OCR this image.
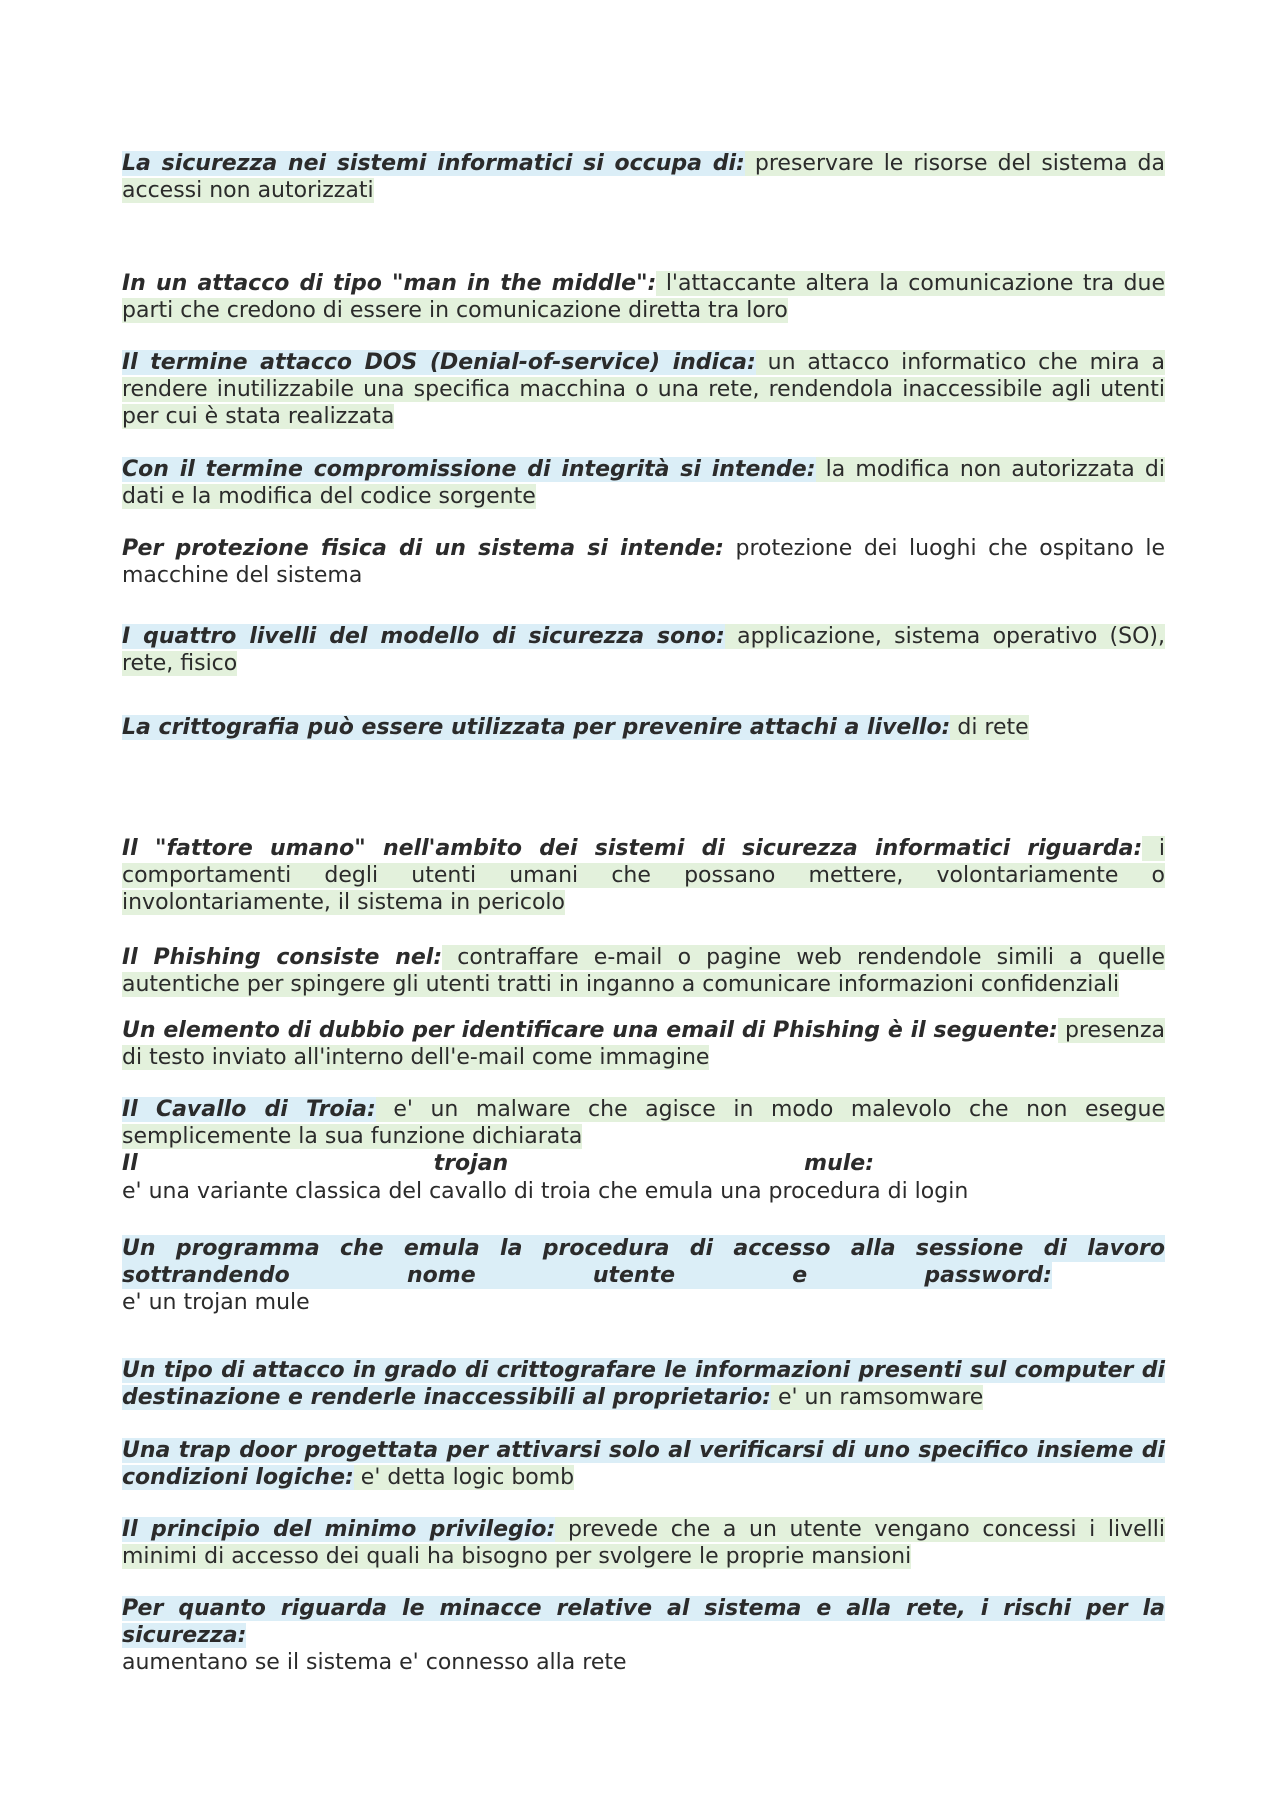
La sicurezza nei sistemi informatici si occupa di: preservare le risorse del sistema da accessi non autorizzati

In un attacco di tipo "man in the middle": l'attaccante altera la comunicazione tra due parti che credono di essere in comunicazione diretta tra loro

Il termine attacco DOS (Denial-of-service) indica: un attacco informatico che mira a rendere inutilizzabile una specifica macchina o una rete, rendendola inaccessibile agli utenti per cui è stata realizzata

Con il termine compromissione di integrità si intende: la modifica non autorizzata di dati e la modifica del codice sorgente

Per protezione fisica di un sistema si intende: protezione dei luoghi che ospitano le macchine del sistema

I quattro livelli del modello di sicurezza sono: applicazione, sistema operativo (SO), rete, fisico

La crittografia può essere utilizzata per prevenire attachi a livello: di rete

Il "fattore umano" nell'ambito dei sistemi di sicurezza informatici riguarda: i comportamenti degli utenti umani che possano mettere, volontariamente o involontariamente, il sistema in pericolo

Il Phishing consiste nel: contraffare e-mail o pagine web rendendole simili a quelle autentiche per spingere gli utenti tratti in inganno a comunicare informazioni confidenziali

Un elemento di dubbio per identificare una email di Phishing è il seguente: presenza di testo inviato all'interno dell'e-mail come immagine

Il Cavallo di Troia: e' un malware che agisce in modo malevolo che non esegue semplicemente la sua funzione dichiarata

Il	trojan	mule:
e' una variante classica del cavallo di troia che emula una procedura di login
Un programma che emula la procedura di accesso alla sessione di lavoro
sottrandendo	nome	utente	e	password:
e' un trojan mule

Un tipo di attacco in grado di crittografare le informazioni presenti sul computer di destinazione e renderle inaccessibili al proprietario: e' un ramsomware

Una trap door progettata per attivarsi solo al verificarsi di uno specifico insieme di condizioni logiche: e' detta logic bomb

Il principio del minimo privilegio: prevede che a un utente vengano concessi i livelli minimi di accesso dei quali ha bisogno per svolgere le proprie mansioni

Per quanto riguarda le minacce relative al sistema e alla rete, i rischi per la sicurezza:
aumentano se il sistema e' connesso alla rete
